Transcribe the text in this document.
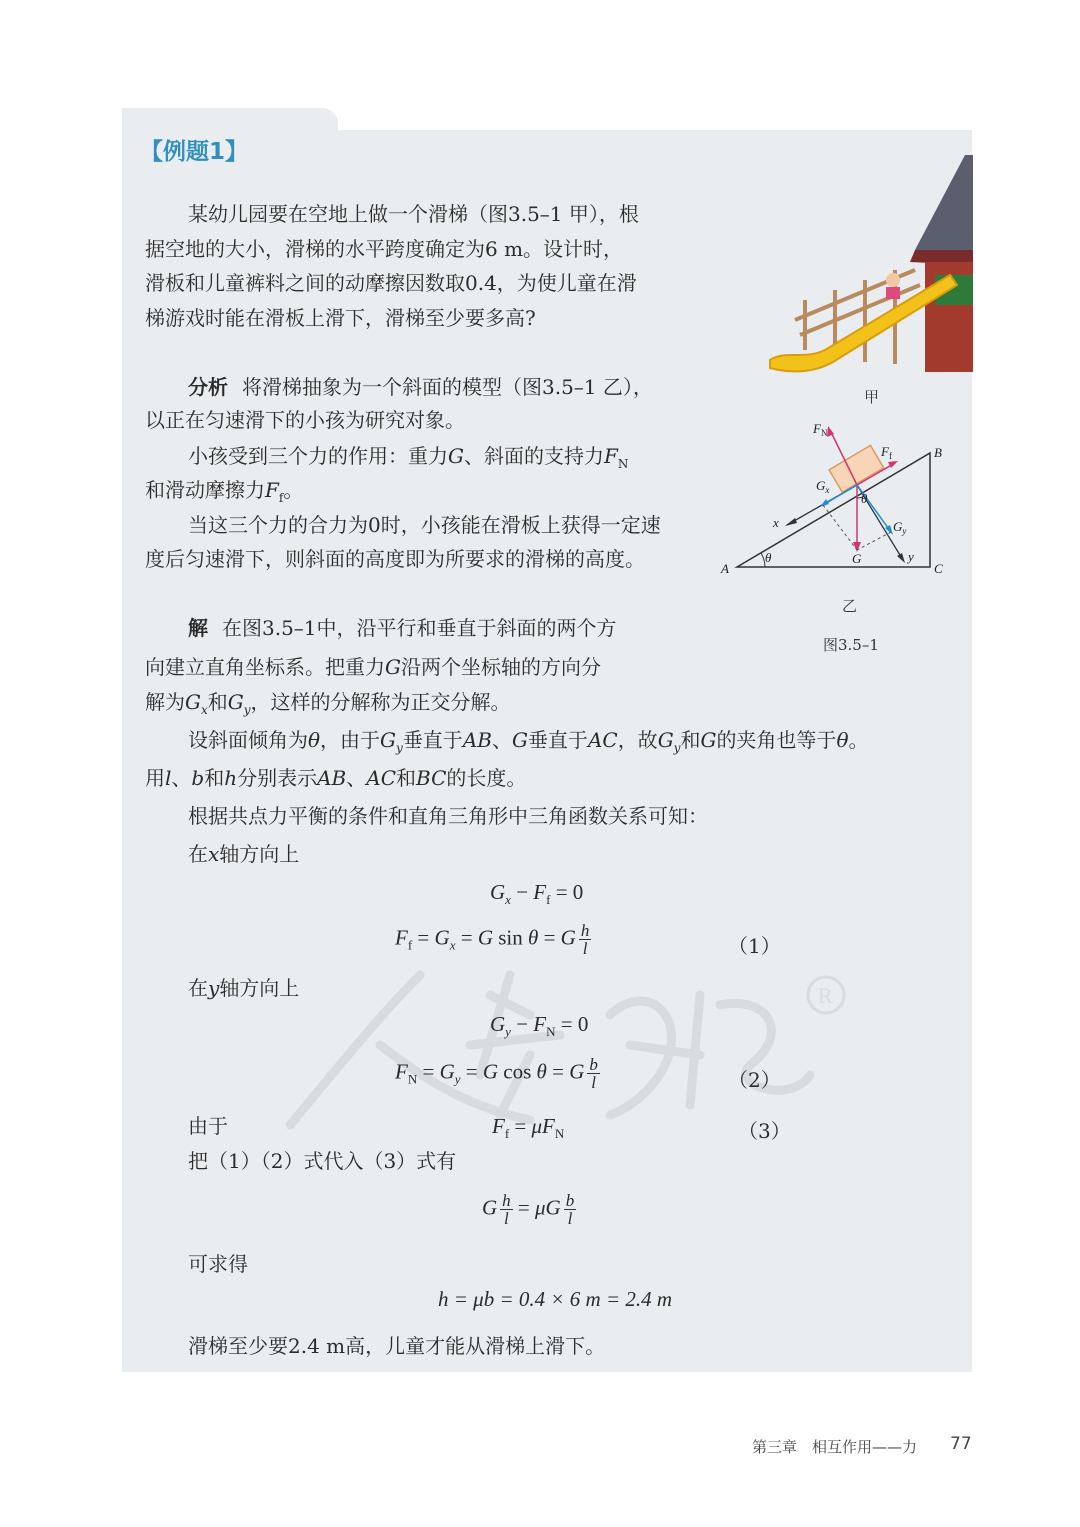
R
【例题1】
某幼儿园要在空地上做一个滑梯（图3.5–1 甲），根
据空地的大小，滑梯的水平跨度确定为6 m。设计时，
滑板和儿童裤料之间的动摩擦因数取0.4，为使儿童在滑
梯游戏时能在滑板上滑下，滑梯至少要多高?
分析 将滑梯抽象为一个斜面的模型（图3.5–1 乙），
以正在匀速滑下的小孩为研究对象。
小孩受到三个力的作用：重力G、斜面的支持力$F_N$
和滑动摩擦力$F_f$。
当这三个力的合力为0时，小孩能在滑板上获得一定速
度后匀速滑下，则斜面的高度即为所要求的滑梯的高度。
解 在图3.5–1中，沿平行和垂直于斜面的两个方
向建立直角坐标系。把重力G沿两个坐标轴的方向分
解为$G_x$和$G_y$，这样的分解称为正交分解。
设斜面倾角为θ，由于$G_y$垂直于AB、G垂直于AC，故$G_y$和G的夹角也等于θ。
用l、b和h分别表示AB、AC和BC的长度。
根据共点力平衡的条件和直角三角形中三角函数关系可知：
在x轴方向上
$G_x - F_f = 0$
$F_f = G_x = G$ sin θ = G $\frac{h}{l}$	（1）
在y轴方向上
$G_y - F_N = 0$
$F_N = G_y = G$ cos θ = G $\frac{b}{l}$	（2）
由于	$F_f = \mu F_N$	（3）
把（1）（2）式代入（3）式有
G $\frac{h}{l} = \mu G \frac{b}{l}$
可求得
h = μb = 0.4 × 6 m = 2.4 m
滑梯至少要2.4 m高，儿童才能从滑梯上滑下。
甲
A
B
C
θ
θ
x
y
$F_N$
$F_f$
G
$G_x$
$G_y$
乙
图3.5–1
第三章　相互作用——力 77
